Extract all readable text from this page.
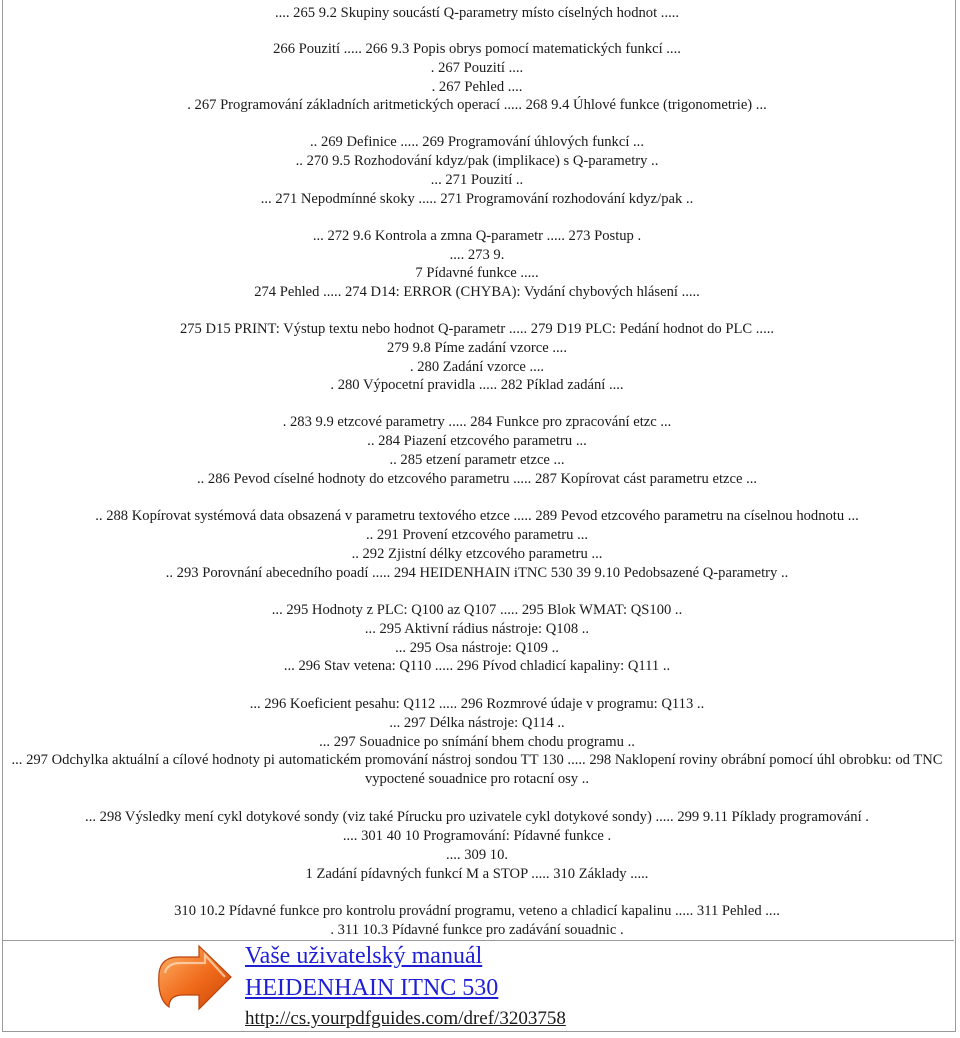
.... 265 9.2 Skupiny soucástí Q-parametry místo císelných hodnot .....
266 Pouzití ..... 266 9.3 Popis obrys pomocí matematických funkcí ....
. 267 Pouzití ....
. 267 Pehled ....
. 267 Programování základních aritmetických operací ..... 268 9.4 Úhlové funkce (trigonometrie) ...
.. 269 Definice ..... 269 Programování úhlových funkcí ...
.. 270 9.5 Rozhodování kdyz/pak (implikace) s Q-parametry ..
... 271 Pouzití ..
... 271 Nepodmínné skoky ..... 271 Programování rozhodování kdyz/pak ..
... 272 9.6 Kontrola a zmna Q-parametr ..... 273 Postup .
.... 273 9.
7 Pídavné funkce .....
274 Pehled ..... 274 D14: ERROR (CHYBA): Vydání chybových hlásení .....
275 D15 PRINT: Výstup textu nebo hodnot Q-parametr ..... 279 D19 PLC: Pedání hodnot do PLC .....
279 9.8 Píme zadání vzorce ....
. 280 Zadání vzorce ....
. 280 Výpocetní pravidla ..... 282 Píklad zadání ....
. 283 9.9 etzcové parametry ..... 284 Funkce pro zpracování etzc ...
.. 284 Piazení etzcového parametru ...
.. 285 etzení parametr etzce ...
.. 286 Pevod císelné hodnoty do etzcového parametru ..... 287 Kopírovat cást parametru etzce ...
.. 288 Kopírovat systémová data obsazená v parametru textového etzce ..... 289 Pevod etzcového parametru na císelnou hodnotu ...
.. 291 Provení etzcového parametru ...
.. 292 Zjistní délky etzcového parametru ...
.. 293 Porovnání abecedního poadí ..... 294 HEIDENHAIN iTNC 530 39 9.10 Pedobsazené Q-parametry ..
... 295 Hodnoty z PLC: Q100 az Q107 ..... 295 Blok WMAT: QS100 ..
... 295 Aktivní rádius nástroje: Q108 ..
... 295 Osa nástroje: Q109 ..
... 296 Stav vetena: Q110 ..... 296 Pívod chladicí kapaliny: Q111 ..
... 296 Koeficient pesahu: Q112 ..... 296 Rozmrové údaje v programu: Q113 ..
... 297 Délka nástroje: Q114 ..
... 297 Souadnice po snímání bhem chodu programu ..
... 297 Odchylka aktuální a cílové hodnoty pi automatickém promování nástroj sondou TT 130 ..... 298 Naklopení roviny obrábní pomocí úhl obrobku: od TNC vypoctené souadnice pro rotacní osy ..
... 298 Výsledky mení cykl dotykové sondy (viz také Pírucku pro uzivatele cykl dotykové sondy) ..... 299 9.11 Píklady programování .
.... 301 40 10 Programování: Pídavné funkce .
.... 309 10.
1 Zadání pídavných funkcí M a STOP ..... 310 Základy .....
310 10.2 Pídavné funkce pro kontrolu provádní programu, veteno a chladicí kapalinu ..... 311 Pehled ....
. 311 10.3 Pídavné funkce pro zadávání souadnic .
Vaše uživatelský manuál
HEIDENHAIN ITNC 530
http://cs.yourpdfguides.com/dref/3203758
